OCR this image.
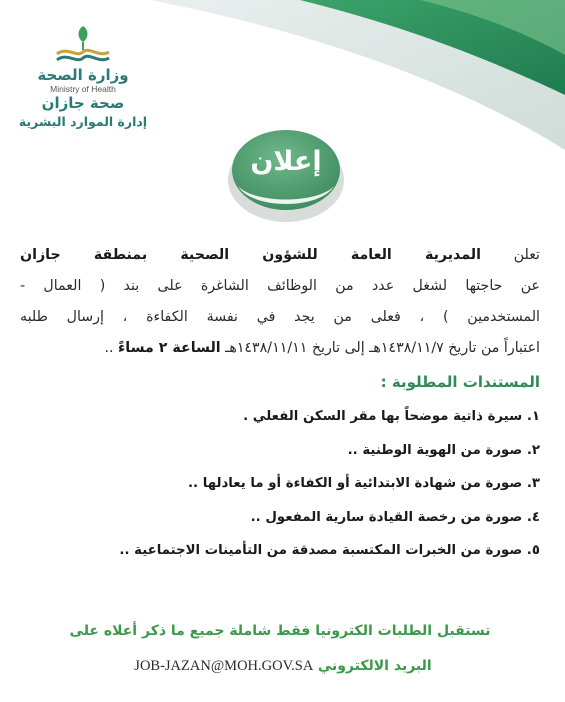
وزارة الصحة
Ministry of Health
صحة جازان
إدارة الموارد البشرية
إعلان

تعلن المديرية العامة للشؤون الصحية بمنطقة جازان

عن حاجتها لشغل عدد من الوظائف الشاغرة على بند ( العمال -

المستخدمين ) ، فعلى من يجد في نفسة الكفاءة ، إرسال طلبه

اعتباراً من تاريخ ١٤٣٨/١١/٧هـ إلى تاريخ ١٤٣٨/١١/١١هـ الساعة ٢ مساءً ..

المستندات المطلوبة :
١. سيرة ذاتية موضحاً بها مقر السكن الفعلي .
٢. صورة من الهوية الوطنية ..
٣. صورة من شهادة الابتدائية أو الكفاءة أو ما يعادلها ..
٤. صورة من رخصة القيادة سارية المفعول ..
٥. صورة من الخبرات المكتسبة مصدقة من التأمينات الاجتماعية ..
تستقبل الطلبات الكترونيا فقط شاملة جميع ما ذكر أعلاه على
البريد الالكتروني JOB-JAZAN@MOH.GOV.SA
